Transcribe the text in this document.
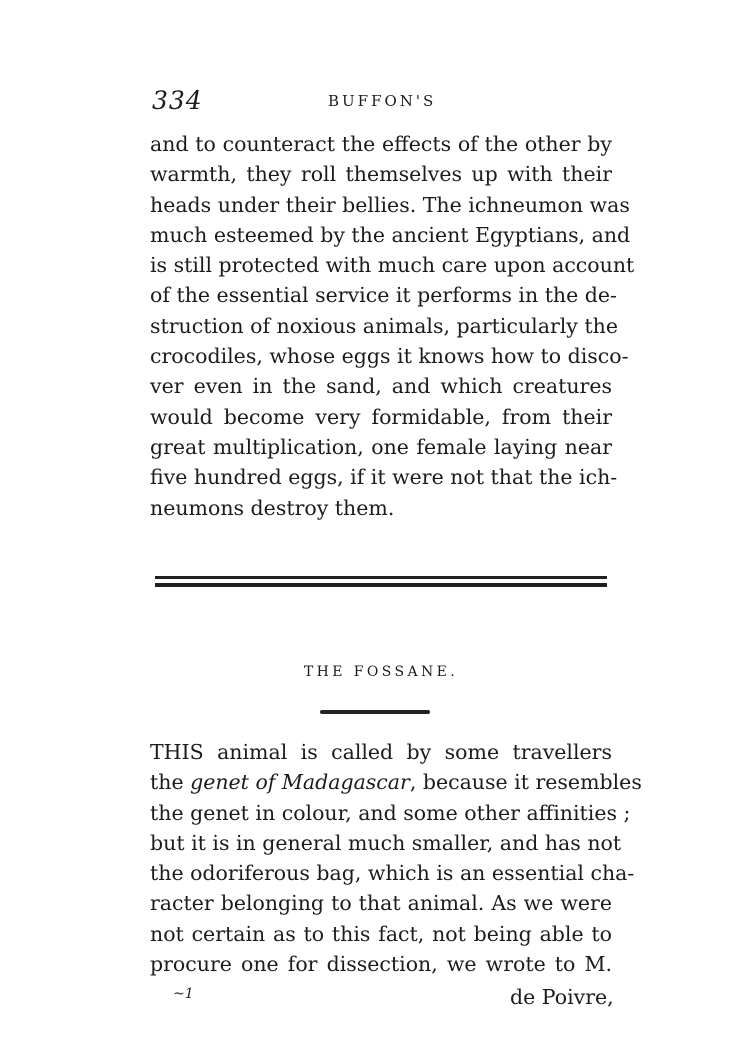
334	BUFFON'S
and to counteract the effects of the other by
warmth, they roll themselves up with their
heads under their bellies. The ichneumon was
much esteemed by the ancient Egyptians, and
is still protected with much care upon account
of the essential service it performs in the de-
struction of noxious animals, particularly the
crocodiles, whose eggs it knows how to disco-
ver even in the sand, and which creatures
would become very formidable, from their
great multiplication, one female laying near
five hundred eggs, if it were not that the ich-
neumons destroy them.
THE FOSSANE.
THIS animal is called by some travellers
the genet of Madagascar, because it resembles
the genet in colour, and some other affinities ;
but it is in general much smaller, and has not
the odoriferous bag, which is an essential cha-
racter belonging to that animal. As we were
not certain as to this fact, not being able to
procure one for dissection, we wrote to M.
~1	de Poivre,
